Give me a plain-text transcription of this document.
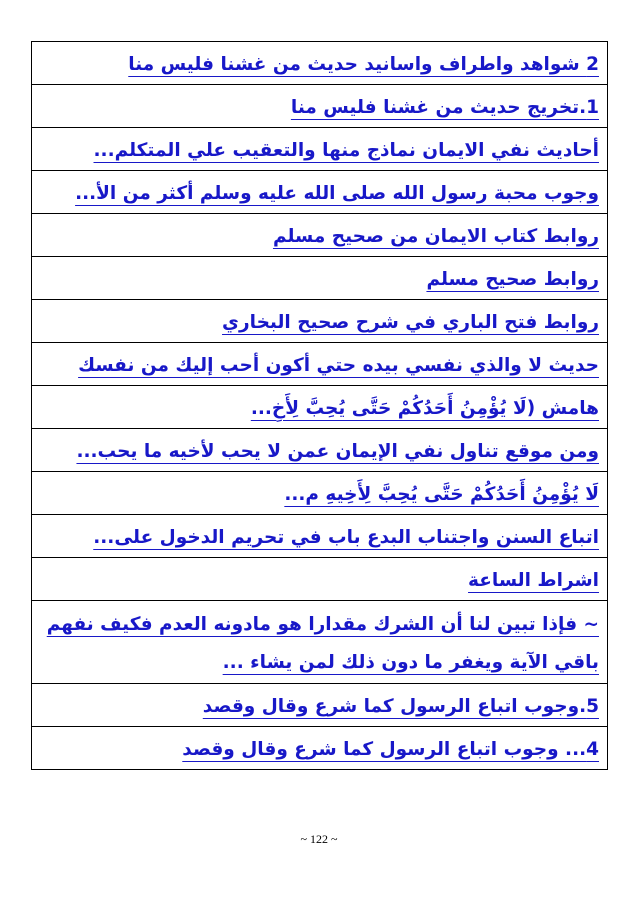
2 شواهد واطراف واسانيد حديث من غشنا فليس منا
1.تخريج حديث من غشنا فليس منا
أحاديث نفي الايمان نماذج منها والتعقيب علي المتكلم...
وجوب محبة رسول الله صلى الله عليه وسلم أكثر من الأ...
روابط كتاب الايمان من صحيح مسلم
روابط صحيح مسلم
روابط فتح الباري في شرح صحيح البخاري
حديث لا والذي نفسي بيده حتي أكون أحب إليك من نفسك
هامش (لَا يُؤْمِنُ أَحَدُكُمْ حَتَّى يُحِبَّ لِأَخِ...
ومن موقع تناول نفي الإيمان عمن لا يحب لأخيه ما يحب...
لَا يُؤْمِنُ أَحَدُكُمْ حَتَّى يُحِبَّ لِأَخِيهِ م...
اتباع السنن واجتناب البدع باب في تحريم الدخول على...
اشراط الساعة
~ فإذا تبين لنا أن الشرك مقدارا هو مادونه العدم فكيف نفهم باقي الآية ويغفر ما دون ذلك لمن يشاء ...
5.وجوب اتباع الرسول كما شرع وقال وقصد
4... وجوب اتباع الرسول كما شرع وقال وقصد
~ 122 ~
